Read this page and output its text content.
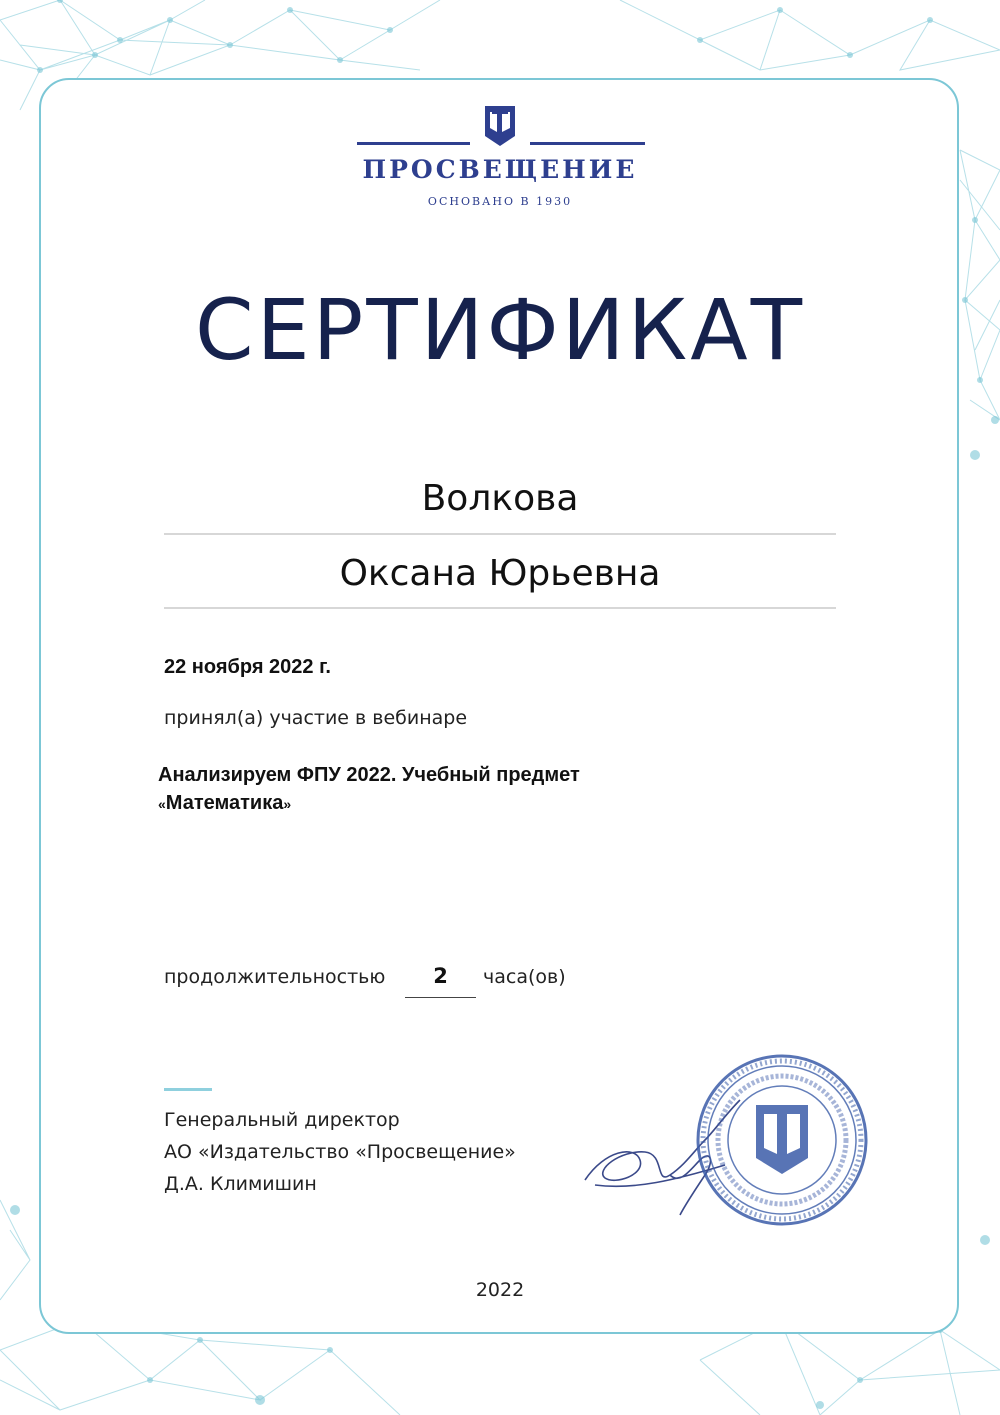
ПРОСВЕЩЕНИЕ
ОСНОВАНО В 1930
СЕРТИФИКАТ
Волкова
Оксана Юрьевна
22 ноября 2022 г.
принял(а) участие в вебинаре
Анализируем ФПУ 2022. Учебный предмет
«Математика»
продолжительностью	2	часа(ов)
Генеральный директор
АО «Издательство «Просвещение»
Д.А. Климишин
2022
